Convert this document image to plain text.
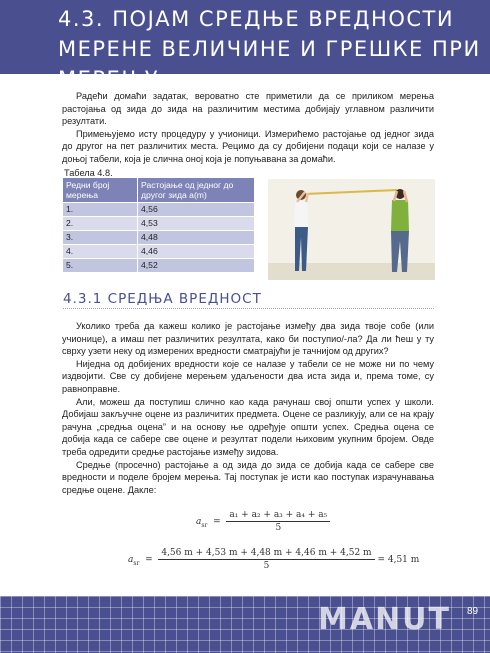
4.3. ПОЈАМ СРЕДЊЕ ВРЕДНОСТИ МЕРЕНЕ ВЕЛИЧИНЕ И ГРЕШКЕ ПРИ МЕРЕЊУ

Радећи домаћи задатак, вероватно сте приметили да се приликом мерења растојања од зида до зида на различитим местима добијају углавном различити резултати.

Примењујемо исту процедуру у учионици. Измерићемо растојање од једног зида до другог на пет различитих места. Рецимо да су добијени подаци који се налазе у доњој табели, која је слична оној која је попуњавана за домаћи.

Табела 4.8.
Редни број мерења	Растојање од једног до другог зида a(m)
1.	4,56
2.	4,53
3.	4,48
4.	4,46
5.	4,52
4.3.1 СРЕДЊА ВРЕДНОСТ

Уколико треба да кажеш колико је растојање између два зида твоје собе (или учионице), а имаш пет различитих резултата, како би поступио/-ла? Да ли ћеш у ту сврху узети неку од измерених вредности сматрајући је тачнијом од других?

Ниједна од добијених вредности које се налазе у табели се не може ни по чему издвојити. Све су добијене мерењем удаљености два иста зида и, према томе, су равноправне.

Али, можеш да поступиш слично као када рачунаш свој општи успех у школи. Добијаш закључне оцене из различитих предмета. Оцене се разликују, али се на крају рачуна „средња оцена” и на основу ње одређује општи успех. Средња оцена се добија када се сабере све оцене и резултат подели њиховим укупним бројем. Овде треба одредити средње растојање између зидова.

Средње (просечно) растојање a од зида до зида се добија када се сабере све вредности и поделе бројем мерења. Тај поступак је исти као поступак израчунавања средње оцене. Дакле:

$a_{sr} = \frac{\text{a₁ + a₂ + a₃ + a₄ + a₅}}{5}$
$a_{sr} = \frac{4,56 m + 4,53 m + 4,48 m + 4,46 m + 4,52 m}{5} = 4,51$ m
MANUT 89
